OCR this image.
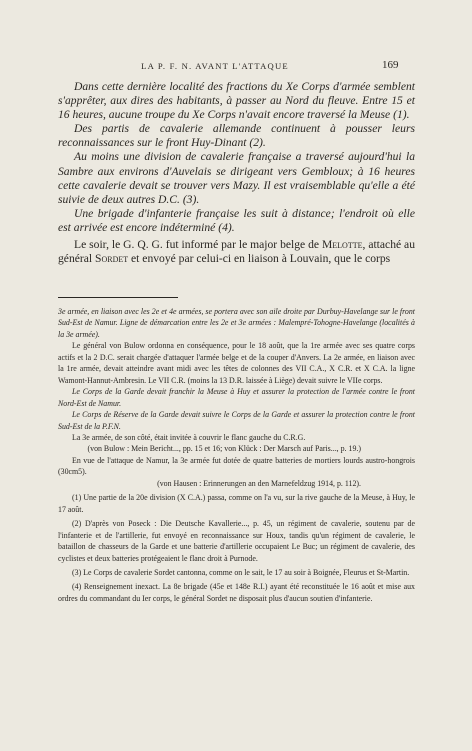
LA P. F. N. AVANT L'ATTAQUE	169

Dans cette dernière localité des fractions du Xe Corps d'armée semblent s'apprêter, aux dires des habitants, à passer au Nord du fleuve. Entre 15 et 16 heures, aucune troupe du Xe Corps n'avait encore traversé la Meuse (1).

Des partis de cavalerie allemande continuent à pousser leurs reconnaissances sur le front Huy-Dinant (2).

Au moins une division de cavalerie française a traversé aujourd'hui la Sambre aux environs d'Auvelais se dirigeant vers Gembloux; à 16 heures cette cavalerie devait se trouver vers Mazy. Il est vraisemblable qu'elle a été suivie de deux autres D.C. (3).

Une brigade d'infanterie française les suit à distance; l'endroit où elle est arrivée est encore indéterminé (4).

Le soir, le G. Q. G. fut informé par le major belge de Melotte, attaché au général Sordet et envoyé par celui-ci en liaison à Louvain, que le corps

3e armée, en liaison avec les 2e et 4e armées, se portera avec son aile droite par Durbuy-Havelange sur le front Sud-Est de Namur. Ligne de démarcation entre les 2e et 3e armées : Malempré-Tohogne-Havelange (localités à la 3e armée).

Le général von Bulow ordonna en conséquence, pour le 18 août, que la 1re armée avec ses quatre corps actifs et la 2 D.C. serait chargée d'attaquer l'armée belge et de la couper d'Anvers. La 2e armée, en liaison avec la 1re armée, devait atteindre avant midi avec les têtes de colonnes des VII C.A., X C.R. et X C.A. la ligne Wamont-Hannut-Ambresin. Le VII C.R. (moins la 13 D.R. laissée à Liège) devait suivre le VIIe corps.

Le Corps de la Garde devait franchir la Meuse à Huy et assurer la protection de l'armée contre le front Nord-Est de Namur.

Le Corps de Réserve de la Garde devait suivre le Corps de la Garde et assurer la protection contre le front Sud-Est de la P.F.N.

La 3e armée, de son côté, était invitée à couvrir le flanc gauche du C.R.G.

(von Bulow : Mein Bericht..., pp. 15 et 16; von Klück : Der Marsch auf Paris..., p. 19.)

En vue de l'attaque de Namur, la 3e armée fut dotée de quatre batteries de mortiers lourds austro-hongrois (30cm5).

(von Hausen : Erinnerungen an den Marnefeldzug 1914, p. 112).

(1) Une partie de la 20e division (X C.A.) passa, comme on l'a vu, sur la rive gauche de la Meuse, à Huy, le 17 août.

(2) D'après von Poseck : Die Deutsche Kavallerie..., p. 45, un régiment de cavalerie, soutenu par de l'infanterie et de l'artillerie, fut envoyé en reconnaissance sur Houx, tandis qu'un régiment de cavalerie, le bataillon de chasseurs de la Garde et une batterie d'artillerie occupaient Le Buc; un régiment de cavalerie, des cyclistes et deux batteries protégeaient le flanc droit à Purnode.

(3) Le Corps de cavalerie Sordet cantonna, comme on le sait, le 17 au soir à Boignée, Fleurus et St-Martin.

(4) Renseignement inexact. La 8e brigade (45e et 148e R.I.) ayant été reconstituée le 16 août et mise aux ordres du commandant du Ier corps, le général Sordet ne disposait plus d'aucun soutien d'infanterie.
